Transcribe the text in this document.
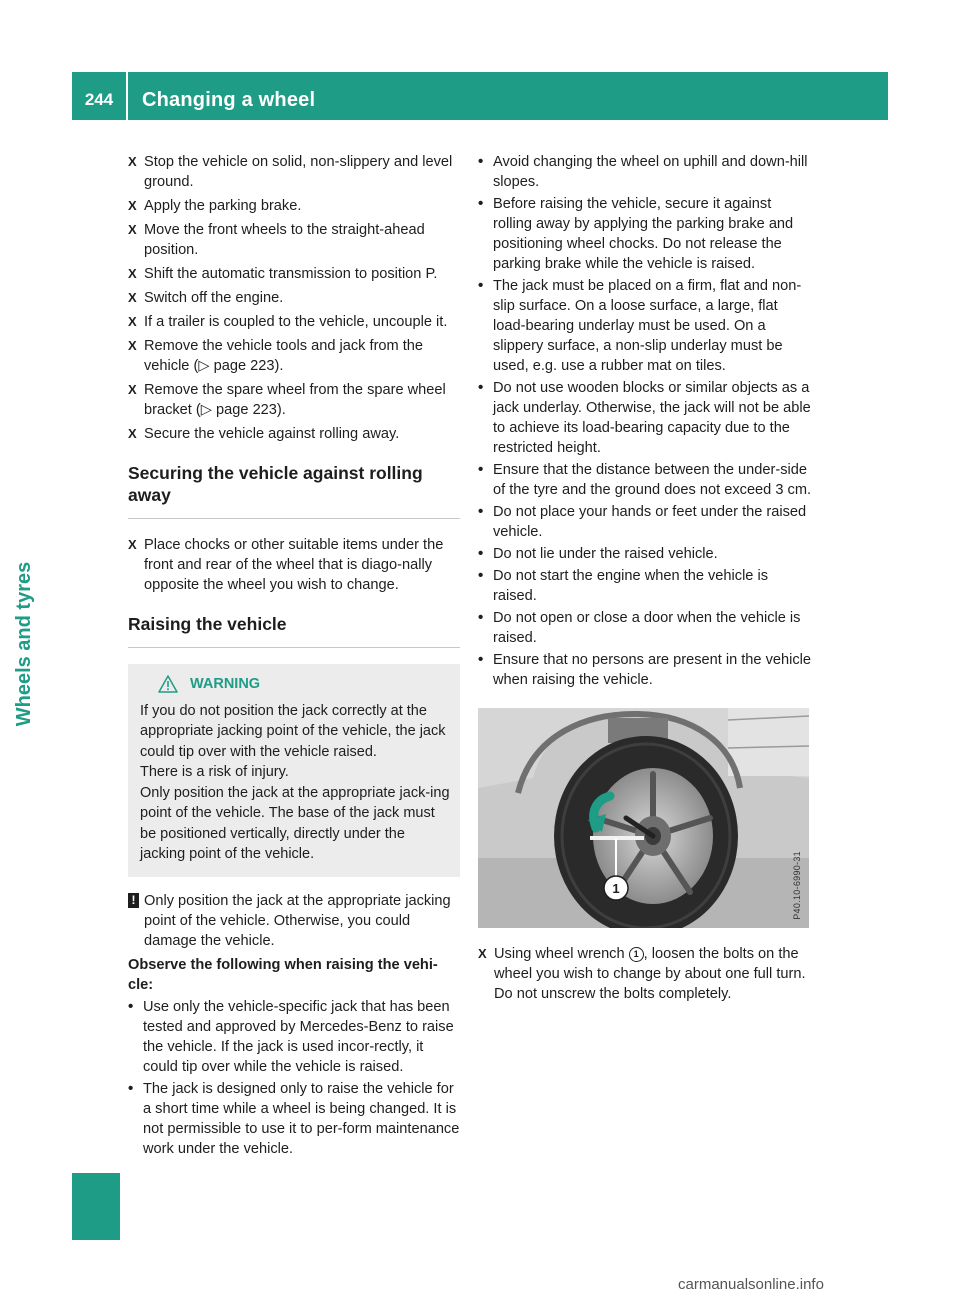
244	Changing a wheel
Wheels and tyres
X Stop the vehicle on solid, non-slippery and level ground.
X Apply the parking brake.
X Move the front wheels to the straight-ahead position.
X Shift the automatic transmission to position P.
X Switch off the engine.
X If a trailer is coupled to the vehicle, uncouple it.
X Remove the vehicle tools and jack from the vehicle (▷ page 223).
X Remove the spare wheel from the spare wheel bracket (▷ page 223).
X Secure the vehicle against rolling away.
Securing the vehicle against rolling away
X Place chocks or other suitable items under the front and rear of the wheel that is diago-nally opposite the wheel you wish to change.
Raising the vehicle
WARNING

If you do not position the jack correctly at the appropriate jacking point of the vehicle, the jack could tip over with the vehicle raised.

There is a risk of injury.

Only position the jack at the appropriate jack-ing point of the vehicle. The base of the jack must be positioned vertically, directly under the jacking point of the vehicle.

! Only position the jack at the appropriate jacking point of the vehicle. Otherwise, you could damage the vehicle.
Observe the following when raising the vehi-cle:
• Use only the vehicle-specific jack that has been tested and approved by Mercedes-Benz to raise the vehicle. If the jack is used incor-rectly, it could tip over while the vehicle is raised.
• The jack is designed only to raise the vehicle for a short time while a wheel is being changed. It is not permissible to use it to per-form maintenance work under the vehicle.
• Avoid changing the wheel on uphill and down-hill slopes.
• Before raising the vehicle, secure it against rolling away by applying the parking brake and positioning wheel chocks. Do not release the parking brake while the vehicle is raised.
• The jack must be placed on a firm, flat and non-slip surface. On a loose surface, a large, flat load-bearing underlay must be used. On a slippery surface, a non-slip underlay must be used, e.g. use a rubber mat on tiles.
• Do not use wooden blocks or similar objects as a jack underlay. Otherwise, the jack will not be able to achieve its load-bearing capacity due to the restricted height.
• Ensure that the distance between the under-side of the tyre and the ground does not exceed 3 cm.
• Do not place your hands or feet under the raised vehicle.
• Do not lie under the raised vehicle.
• Do not start the engine when the vehicle is raised.
• Do not open or close a door when the vehicle is raised.
• Ensure that no persons are present in the vehicle when raising the vehicle.
1	P40.10-6990-31
X Using wheel wrench 1 , loosen the bolts on the wheel you wish to change by about one full turn. Do not unscrew the bolts completely.
carmanualsonline.info
